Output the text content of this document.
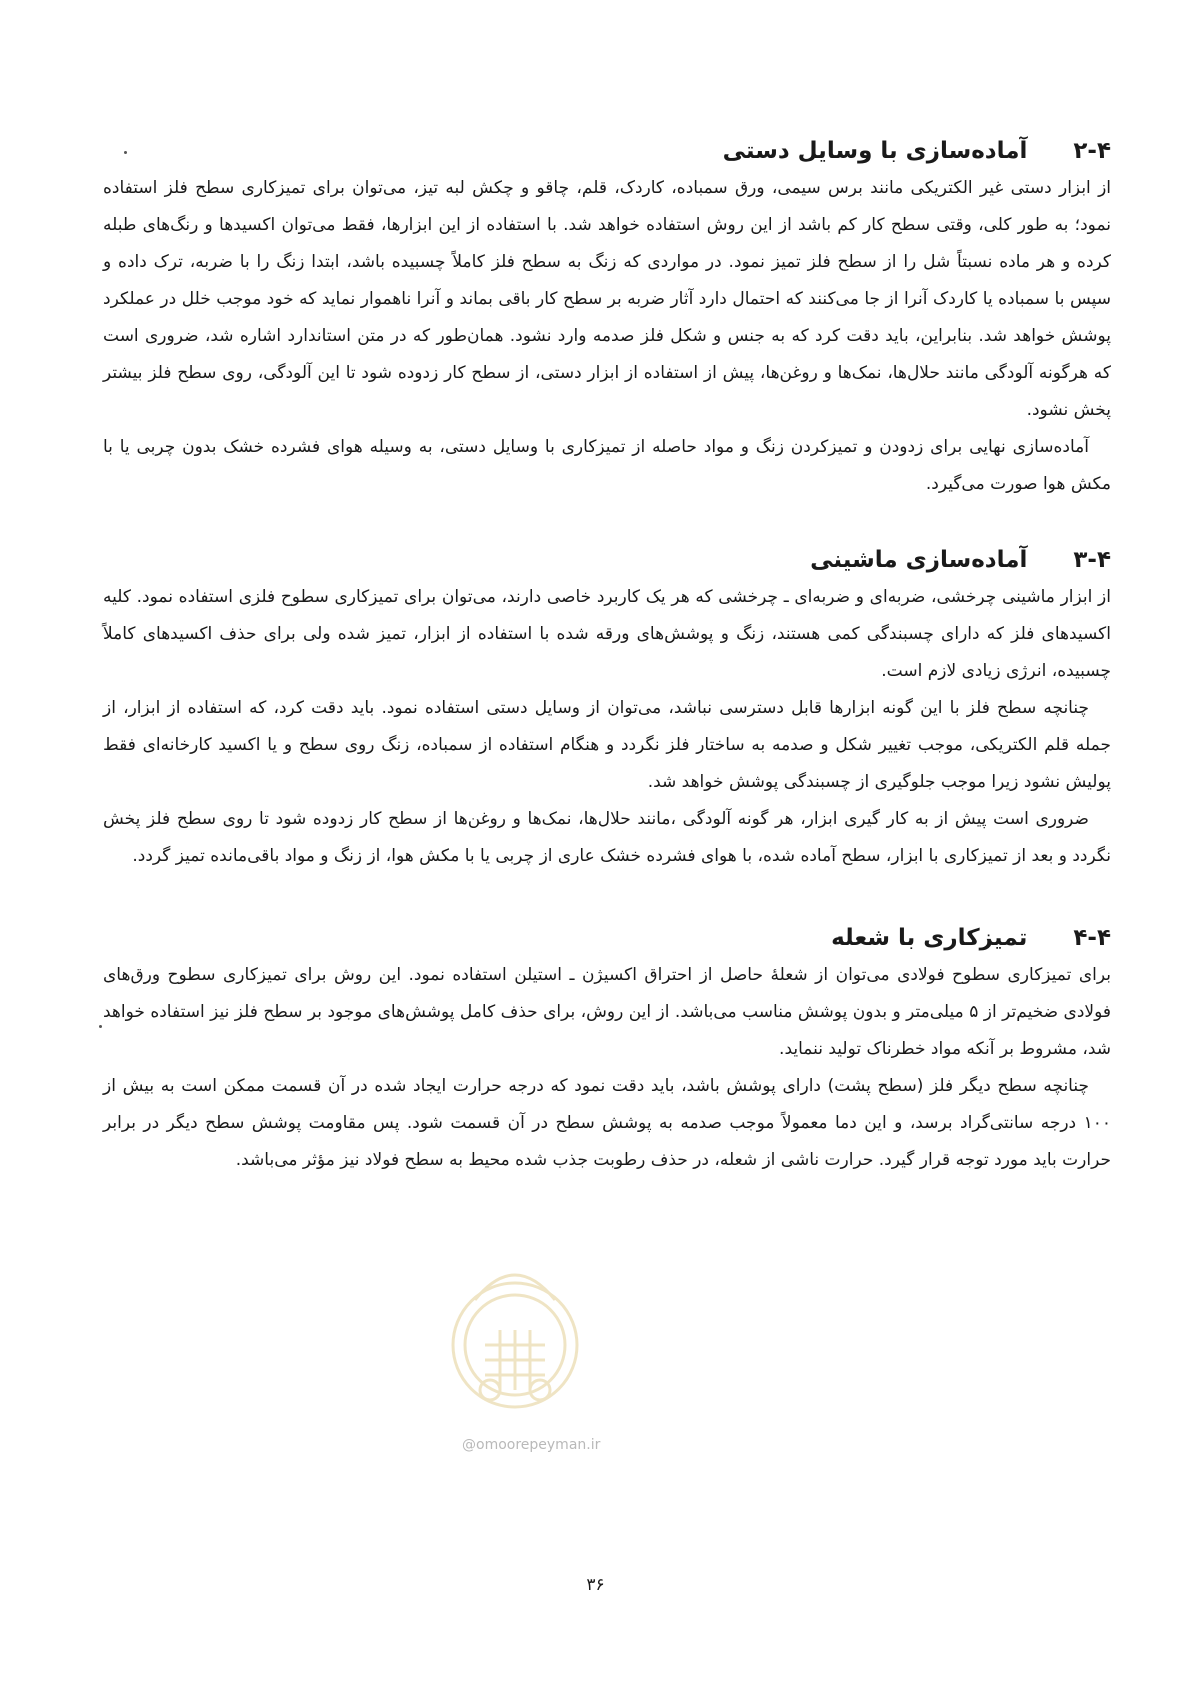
۲-۴
آماده‌سازی با وسایل دستی

از ابزار دستی غیر الکتریکی مانند برس سیمی، ورق سمباده، کاردک، قلم، چاقو و چکش لبه تیز، می‌توان برای تمیزکاری سطح فلز استفاده نمود؛ به طور کلی، وقتی سطح کار کم باشد از این روش استفاده خواهد شد. با استفاده از این ابزارها، فقط می‌توان اکسیدها و رنگ‌های طبله کرده و هر ماده نسبتاً شل را از سطح فلز تمیز نمود. در مواردی که زنگ به سطح فلز کاملاً چسبیده باشد، ابتدا زنگ را با ضربه، ترک داده و سپس با سمباده یا کاردک آنرا از جا می‌کنند که احتمال دارد آثار ضربه بر سطح کار باقی بماند و آنرا ناهموار نماید که خود موجب خلل در عملکرد پوشش خواهد شد. بنابراین، باید دقت کرد که به جنس و شکل فلز صدمه وارد نشود. همان‌طور که در متن استاندارد اشاره شد، ضروری است که هرگونه آلودگی مانند حلال‌ها، نمک‌ها و روغن‌ها، پیش از استفاده از ابزار دستی، از سطح کار زدوده شود تا این آلودگی، روی سطح فلز بیشتر پخش نشود.

آماده‌سازی نهایی برای زدودن و تمیزکردن زنگ و مواد حاصله از تمیزکاری با وسایل دستی، به وسیله هوای فشرده خشک بدون چربی یا با مکش هوا صورت می‌گیرد.

۳-۴
آماده‌سازی ماشینی

از ابزار ماشینی چرخشی، ضربه‌ای و ضربه‌ای ـ چرخشی که هر یک کاربرد خاصی دارند، می‌توان برای تمیزکاری سطوح فلزی استفاده نمود. کلیه اکسیدهای فلز که دارای چسبندگی کمی هستند، زنگ و پوشش‌های ورقه شده با استفاده از ابزار، تمیز شده ولی برای حذف اکسیدهای کاملاً چسبیده، انرژی زیادی لازم است.

چنانچه سطح فلز با این گونه ابزارها قابل دسترسی نباشد، می‌توان از وسایل دستی استفاده نمود. باید دقت کرد، که استفاده از ابزار، از جمله قلم الکتریکی، موجب تغییر شکل و صدمه به ساختار فلز نگردد و هنگام استفاده از سمباده، زنگ روی سطح و یا اکسید کارخانه‌ای فقط پولیش نشود زیرا موجب جلوگیری از چسبندگی پوشش خواهد شد.

ضروری است پیش از به کار گیری ابزار، هر گونه آلودگی ،مانند حلال‌ها، نمک‌ها و روغن‌ها از سطح کار زدوده شود تا روی سطح فلز پخش نگردد و بعد از تمیزکاری با ابزار، سطح آماده شده، با هوای فشرده خشک عاری از چربی یا با مکش هوا، از زنگ و مواد باقی‌مانده تمیز گردد.

۴-۴
تمیزکاری با شعله

برای تمیزکاری سطوح فولادی می‌توان از شعلهٔ حاصل از احتراق اکسیژن ـ استیلن استفاده نمود. این روش برای تمیزکاری سطوح ورق‌های فولادی ضخیم‌تر از ۵ میلی‌متر و بدون پوشش مناسب می‌باشد. از این روش، برای حذف کامل پوشش‌های موجود بر سطح فلز نیز استفاده خواهد شد، مشروط بر آنکه مواد خطرناک تولید ننماید.

چنانچه سطح دیگر فلز (سطح پشت) دارای پوشش باشد، باید دقت نمود که درجه حرارت ایجاد شده در آن قسمت ممکن است به بیش از ۱۰۰ درجه سانتی‌گراد برسد، و این دما معمولاً موجب صدمه به پوشش سطح در آن قسمت شود. پس مقاومت پوشش سطح دیگر در برابر حرارت باید مورد توجه قرار گیرد. حرارت ناشی از شعله، در حذف رطوبت جذب شده محیط به سطح فولاد نیز مؤثر می‌باشد.

@omoorepeyman.ir
۳۶
